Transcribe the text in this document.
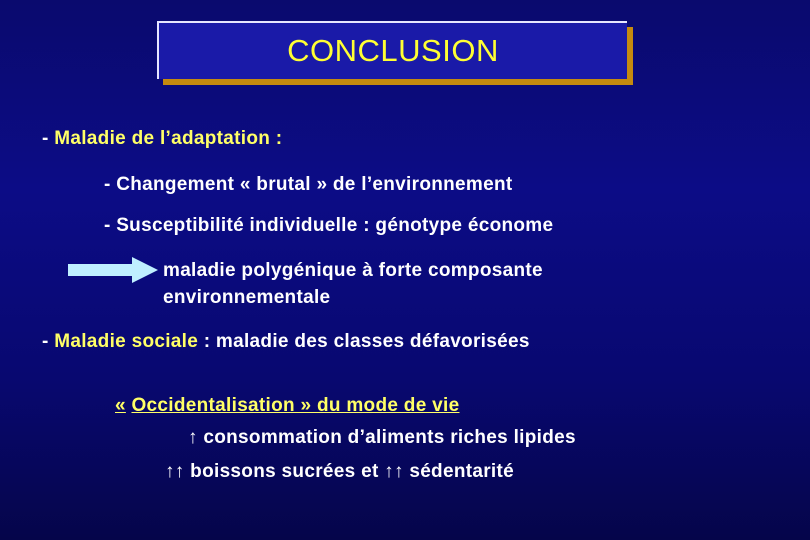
CONCLUSION
- Maladie de l’adaptation :
- Changement « brutal » de l’environnement
- Susceptibilité individuelle : génotype économe
maladie polygénique à forte composante
environnementale
- Maladie sociale : maladie des classes défavorisées
« Occidentalisation » du mode de vie
↑ consommation d’aliments riches lipides
↑↑ boissons sucrées et ↑↑ sédentarité
